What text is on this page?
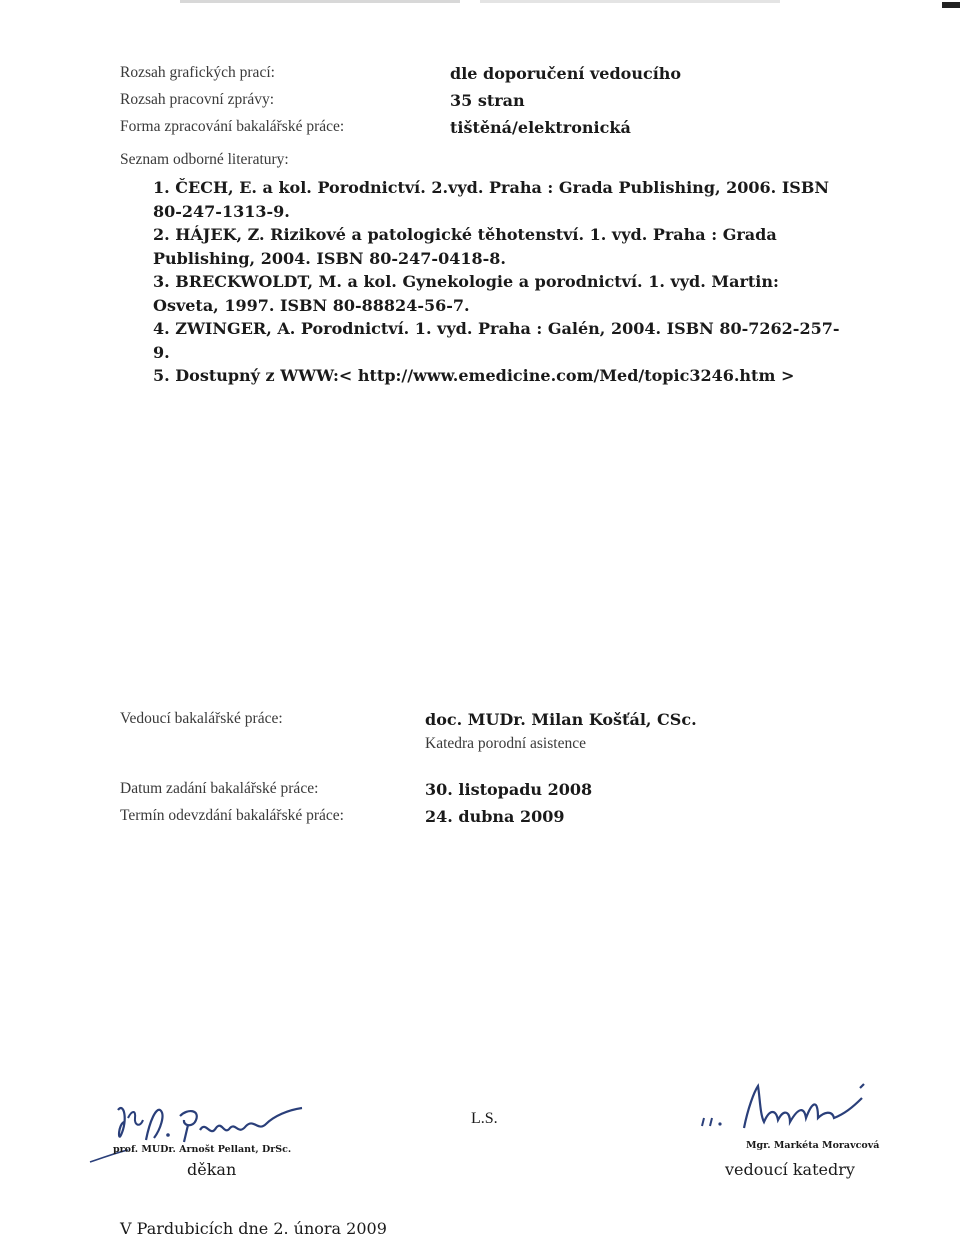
Rozsah grafických prací:	dle doporučení vedoucího
Rozsah pracovní zprávy:	35 stran
Forma zpracování bakalářské práce:	tištěná/elektronická
Seznam odborné literatury:
1. ČECH, E. a kol. Porodnictví. 2.vyd. Praha : Grada Publishing, 2006. ISBN 80-247-1313-9.
2. HÁJEK, Z. Rizikové a patologické těhotenství. 1. vyd. Praha : Grada Publishing, 2004. ISBN 80-247-0418-8.
3. BRECKWOLDT, M. a kol. Gynekologie a porodnictví. 1. vyd. Martin: Osveta, 1997. ISBN 80-88824-56-7.
4. ZWINGER, A. Porodnictví. 1. vyd. Praha : Galén, 2004. ISBN 80-7262-257-9.
5. Dostupný z WWW:< http://www.emedicine.com/Med/topic3246.htm >
Vedoucí bakalářské práce:	doc. MUDr. Milan Košťál, CSc.
Katedra porodní asistence
Datum zadání bakalářské práce:	30. listopadu 2008
Termín odevzdání bakalářské práce:	24. dubna 2009
prof. MUDr. Arnošt Pellant, DrSc.
děkan
L.S.
Mgr. Markéta Moravcová
vedoucí katedry
V Pardubicích dne 2. února 2009
